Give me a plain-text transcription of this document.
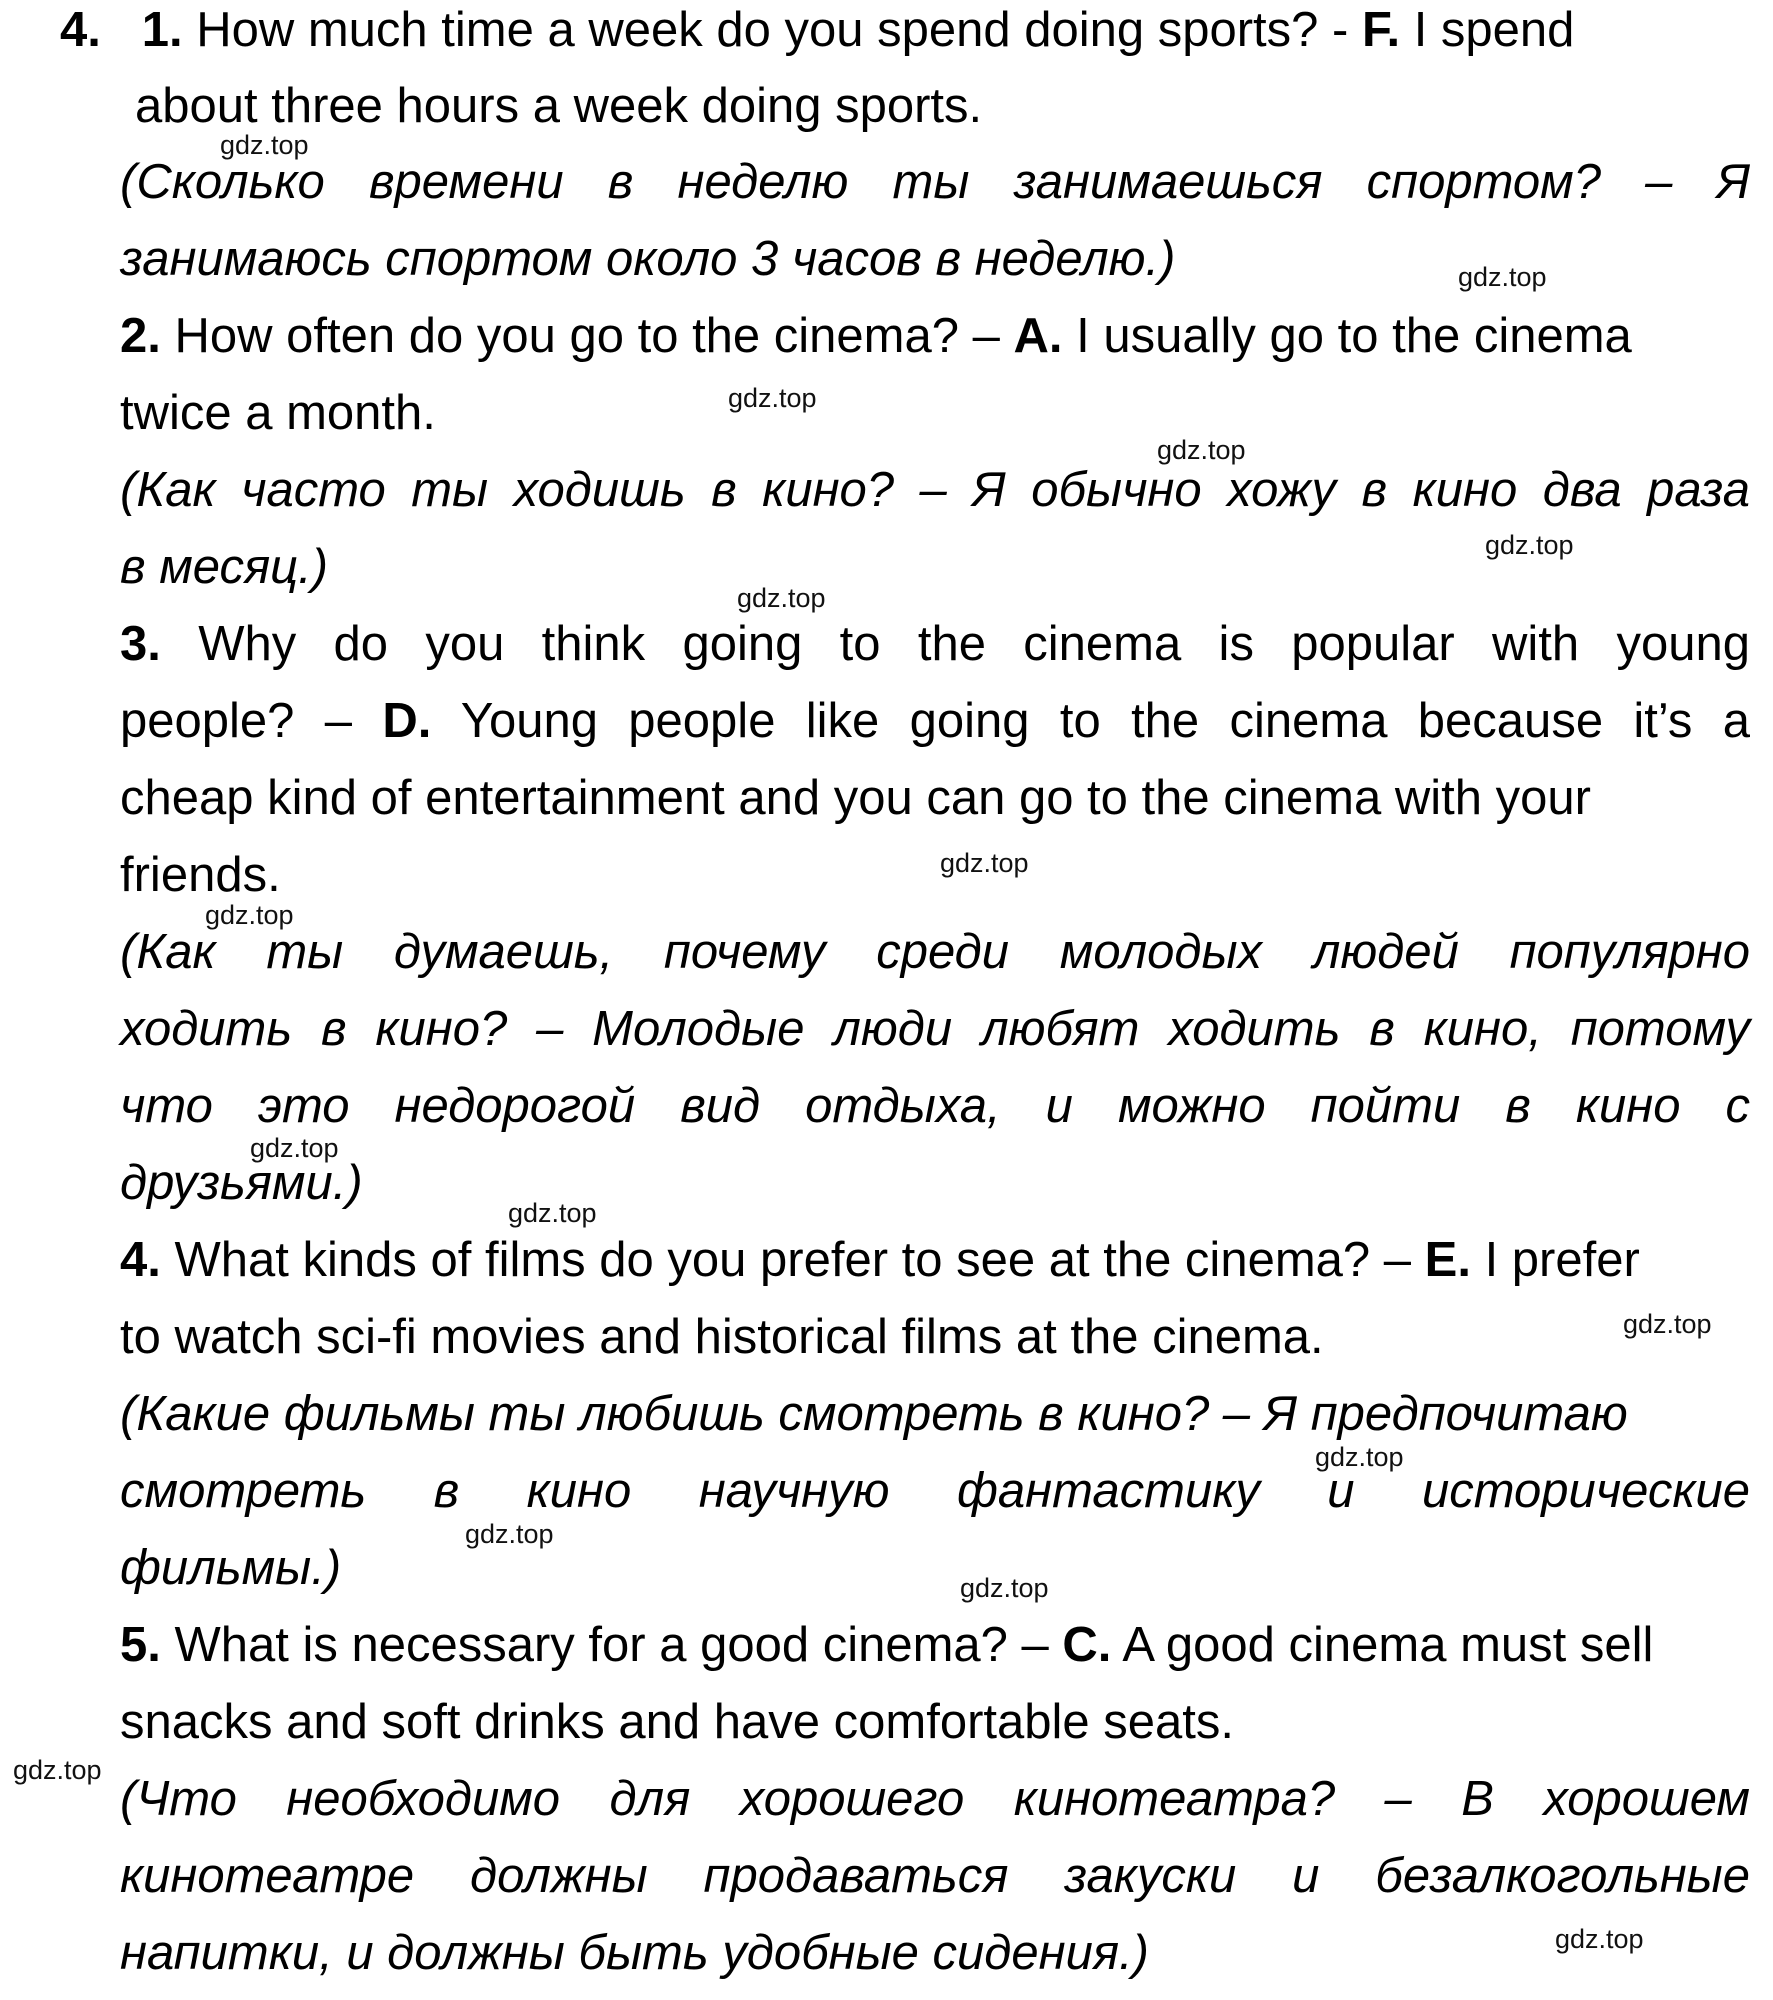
4. 1. How much time a week do you spend doing sports? - F. I spend
about three hours a week doing sports.
(Сколько времени в неделю ты занимаешься спортом? – Я
занимаюсь спортом около 3 часов в неделю.)
2. How often do you go to the cinema? – A. I usually go to the cinema
twice a month.
(Как часто ты ходишь в кино? – Я обычно хожу в кино два раза
в месяц.)
3. Why do you think going to the cinema is popular with young
people? – D. Young people like going to the cinema because it’s a
cheap kind of entertainment and you can go to the cinema with your
friends.
(Как ты думаешь, почему среди молодых людей популярно
ходить в кино? – Молодые люди любят ходить в кино, потому
что это недорогой вид отдыха, и можно пойти в кино с
друзьями.)
4. What kinds of films do you prefer to see at the cinema? – E. I prefer
to watch sci-fi movies and historical films at the cinema.
(Какие фильмы ты любишь смотреть в кино? – Я предпочитаю
смотреть в кино научную фантастику и исторические
фильмы.)
5. What is necessary for a good cinema? – C. A good cinema must sell
snacks and soft drinks and have comfortable seats.
(Что необходимо для хорошего кинотеатра? – В хорошем
кинотеатре должны продаваться закуски и безалкогольные
напитки, и должны быть удобные сидения.)
gdz.top
gdz.top
gdz.top
gdz.top
gdz.top
gdz.top
gdz.top
gdz.top
gdz.top
gdz.top
gdz.top
gdz.top
gdz.top
gdz.top
gdz.top
gdz.top
